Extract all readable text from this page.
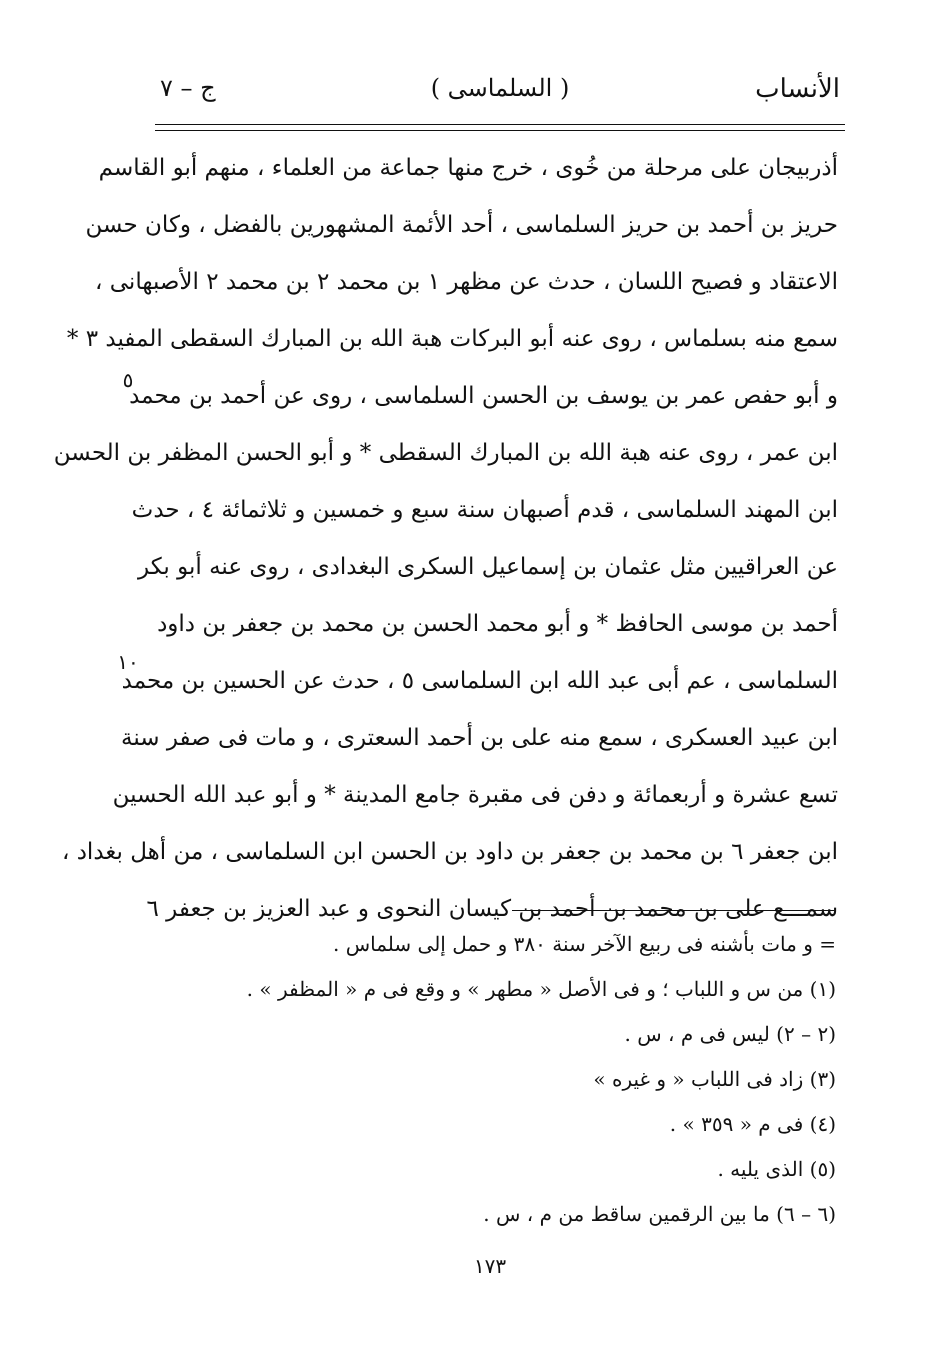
الأنساب
( السلماسى )
ج – ٧
أذربيجان على مرحلة من خُوى ، خرج منها جماعة من العلماء ، منهم أبو القاسم
حريز بن أحمد بن حريز السلماسى ، أحد الأئمة المشهورين بالفضل ، وكان حسن
الاعتقاد و فصيح اللسان ، حدث عن مظهر ١ بن محمد ٢ بن محمد ٢ الأصبهانى ،
سمع منه بسلماس ، روى عنه أبو البركات هبة الله بن المبارك السقطى المفيد ٣ *
و أبو حفص عمر بن يوسف بن الحسن السلماسى ، روى عن أحمد بن محمد
ابن عمر ، روى عنه هبة الله بن المبارك السقطى * و أبو الحسن المظفر بن الحسن
ابن المهند السلماسى ، قدم أصبهان سنة سبع و خمسين و ثلاثمائة ٤ ، حدث
عن العراقيين مثل عثمان بن إسماعيل السكرى البغدادى ، روى عنه أبو بكر
أحمد بن موسى الحافظ * و أبو محمد الحسن بن محمد بن جعفر بن داود
السلماسى ، عم أبى عبد الله ابن السلماسى ٥ ، حدث عن الحسين بن محمد
ابن عبيد العسكرى ، سمع منه على بن أحمد السعترى ، و مات فى صفر سنة
تسع عشرة و أربعمائة و دفن فى مقبرة جامع المدينة * و أبو عبد الله الحسين
ابن جعفر ٦ بن محمد بن جعفر بن داود بن الحسن ابن السلماسى ، من أهل بغداد ،
سمـــع على بن محمد بن أحمد بن كيسان النحوى و عبد العزيز بن جعفر ٦
٥
١٠
= و مات بأشنه فى ربيع الآخر سنة ٣٨٠ و حمل إلى سلماس .
(١) من س و اللباب ؛ و فى الأصل « مطهر » و وقع فى م « المظفر » .
(٢ – ٢) ليس فى م ، س .
(٣) زاد فى اللباب « و غيره »
(٤) فى م « ٣٥٩ » .
(٥) الذى يليه .
(٦ – ٦) ما بين الرقمين ساقط من م ، س .
١٧٣
